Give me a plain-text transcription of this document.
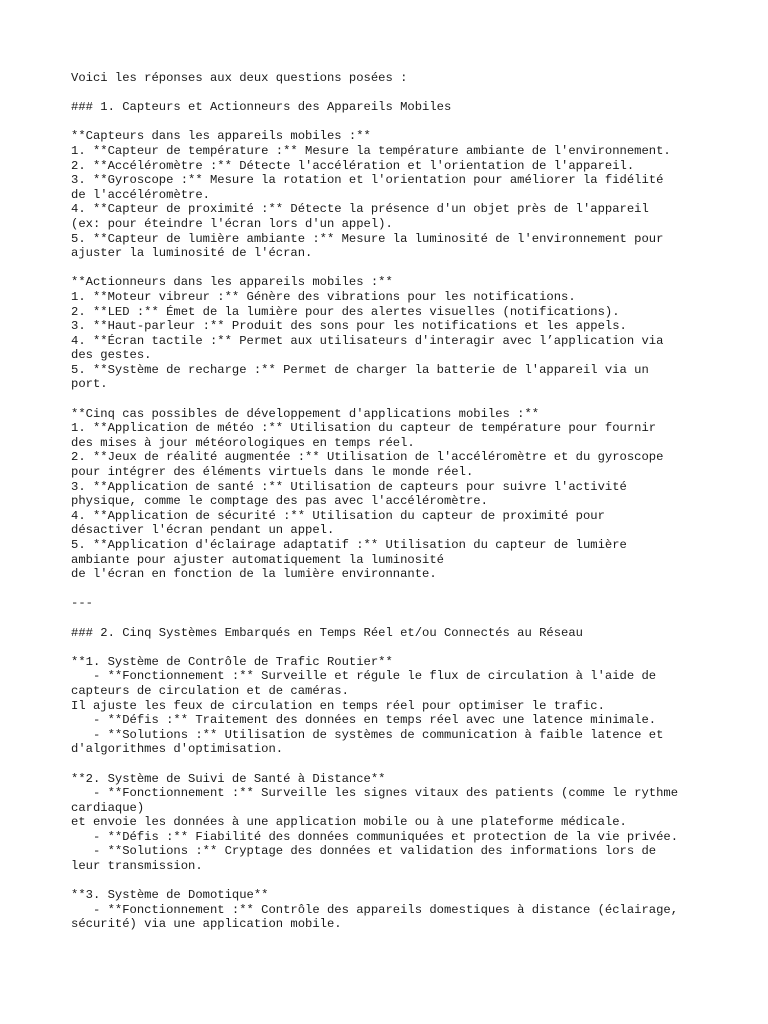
Voici les réponses aux deux questions posées :
### 1. Capteurs et Actionneurs des Appareils Mobiles
**Capteurs dans les appareils mobiles :**
1. **Capteur de température :** Mesure la température ambiante de l'environnement.
2. **Accéléromètre :** Détecte l'accélération et l'orientation de l'appareil.
3. **Gyroscope :** Mesure la rotation et l'orientation pour améliorer la fidélité
de l'accéléromètre.
4. **Capteur de proximité :** Détecte la présence d'un objet près de l'appareil
(ex: pour éteindre l'écran lors d'un appel).
5. **Capteur de lumière ambiante :** Mesure la luminosité de l'environnement pour
ajuster la luminosité de l'écran.
**Actionneurs dans les appareils mobiles :**
1. **Moteur vibreur :** Génère des vibrations pour les notifications.
2. **LED :** Émet de la lumière pour des alertes visuelles (notifications).
3. **Haut-parleur :** Produit des sons pour les notifications et les appels.
4. **Écran tactile :** Permet aux utilisateurs d'interagir avec l’application via
des gestes.
5. **Système de recharge :** Permet de charger la batterie de l'appareil via un
port.
**Cinq cas possibles de développement d'applications mobiles :**
1. **Application de météo :** Utilisation du capteur de température pour fournir
des mises à jour météorologiques en temps réel.
2. **Jeux de réalité augmentée :** Utilisation de l'accéléromètre et du gyroscope
pour intégrer des éléments virtuels dans le monde réel.
3. **Application de santé :** Utilisation de capteurs pour suivre l'activité
physique, comme le comptage des pas avec l'accéléromètre.
4. **Application de sécurité :** Utilisation du capteur de proximité pour
désactiver l'écran pendant un appel.
5. **Application d'éclairage adaptatif :** Utilisation du capteur de lumière
ambiante pour ajuster automatiquement la luminosité
de l'écran en fonction de la lumière environnante.
---
### 2. Cinq Systèmes Embarqués en Temps Réel et/ou Connectés au Réseau
**1. Système de Contrôle de Trafic Routier**
- **Fonctionnement :** Surveille et régule le flux de circulation à l'aide de
capteurs de circulation et de caméras.
Il ajuste les feux de circulation en temps réel pour optimiser le trafic.
- **Défis :** Traitement des données en temps réel avec une latence minimale.
- **Solutions :** Utilisation de systèmes de communication à faible latence et
d'algorithmes d'optimisation.
**2. Système de Suivi de Santé à Distance**
- **Fonctionnement :** Surveille les signes vitaux des patients (comme le rythme
cardiaque)
et envoie les données à une application mobile ou à une plateforme médicale.
- **Défis :** Fiabilité des données communiquées et protection de la vie privée.
- **Solutions :** Cryptage des données et validation des informations lors de
leur transmission.
**3. Système de Domotique**
- **Fonctionnement :** Contrôle des appareils domestiques à distance (éclairage,
sécurité) via une application mobile.
